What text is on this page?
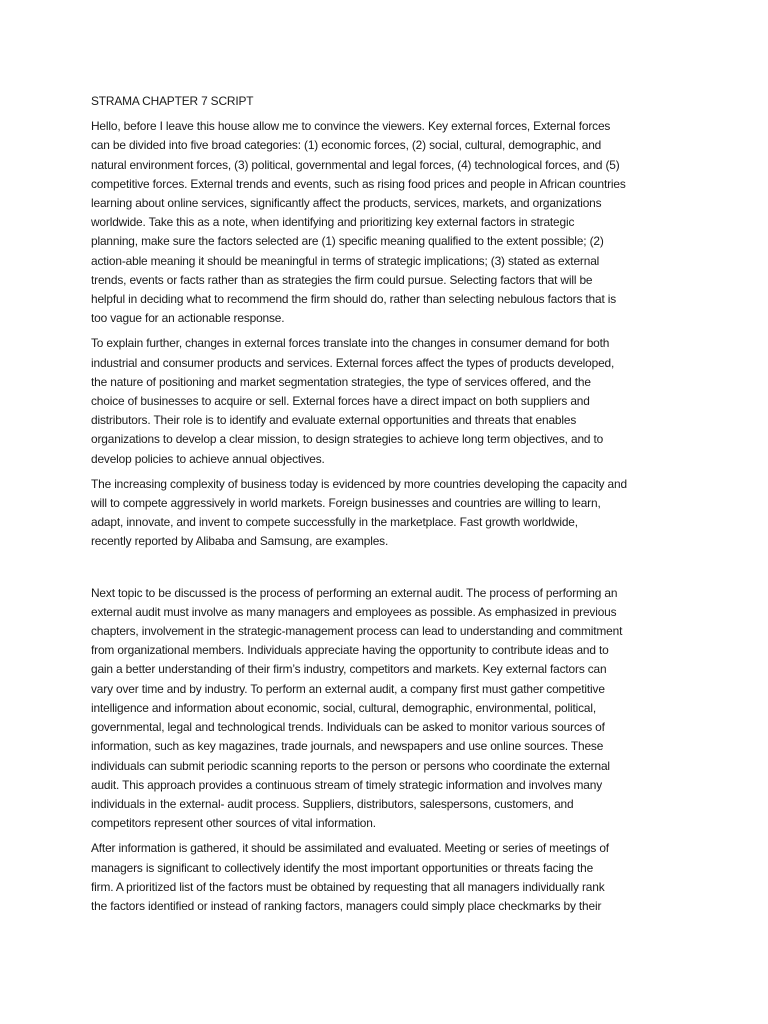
STRAMA CHAPTER 7 SCRIPT
Hello, before I leave this house allow me to convince the viewers. Key external forces, External forces
can be divided into five broad categories: (1) economic forces, (2) social, cultural, demographic, and
natural environment forces, (3) political, governmental and legal forces, (4) technological forces, and (5)
competitive forces. External trends and events, such as rising food prices and people in African countries
learning about online services, significantly affect the products, services, markets, and organizations
worldwide. Take this as a note, when identifying and prioritizing key external factors in strategic
planning, make sure the factors selected are (1) specific meaning qualified to the extent possible; (2)
action-able meaning it should be meaningful in terms of strategic implications; (3) stated as external
trends, events or facts rather than as strategies the firm could pursue. Selecting factors that will be
helpful in deciding what to recommend the firm should do, rather than selecting nebulous factors that is
too vague for an actionable response.
To explain further, changes in external forces translate into the changes in consumer demand for both
industrial and consumer products and services. External forces affect the types of products developed,
the nature of positioning and market segmentation strategies, the type of services offered, and the
choice of businesses to acquire or sell. External forces have a direct impact on both suppliers and
distributors. Their role is to identify and evaluate external opportunities and threats that enables
organizations to develop a clear mission, to design strategies to achieve long term objectives, and to
develop policies to achieve annual objectives.
The increasing complexity of business today is evidenced by more countries developing the capacity and
will to compete aggressively in world markets. Foreign businesses and countries are willing to learn,
adapt, innovate, and invent to compete successfully in the marketplace. Fast growth worldwide,
recently reported by Alibaba and Samsung, are examples.
Next topic to be discussed is the process of performing an external audit. The process of performing an
external audit must involve as many managers and employees as possible. As emphasized in previous
chapters, involvement in the strategic-management process can lead to understanding and commitment
from organizational members. Individuals appreciate having the opportunity to contribute ideas and to
gain a better understanding of their firm’s industry, competitors and markets. Key external factors can
vary over time and by industry. To perform an external audit, a company first must gather competitive
intelligence and information about economic, social, cultural, demographic, environmental, political,
governmental, legal and technological trends. Individuals can be asked to monitor various sources of
information, such as key magazines, trade journals, and newspapers and use online sources. These
individuals can submit periodic scanning reports to the person or persons who coordinate the external
audit. This approach provides a continuous stream of timely strategic information and involves many
individuals in the external- audit process. Suppliers, distributors, salespersons, customers, and
competitors represent other sources of vital information.
After information is gathered, it should be assimilated and evaluated. Meeting or series of meetings of
managers is significant to collectively identify the most important opportunities or threats facing the
firm. A prioritized list of the factors must be obtained by requesting that all managers individually rank
the factors identified or instead of ranking factors, managers could simply place checkmarks by their
